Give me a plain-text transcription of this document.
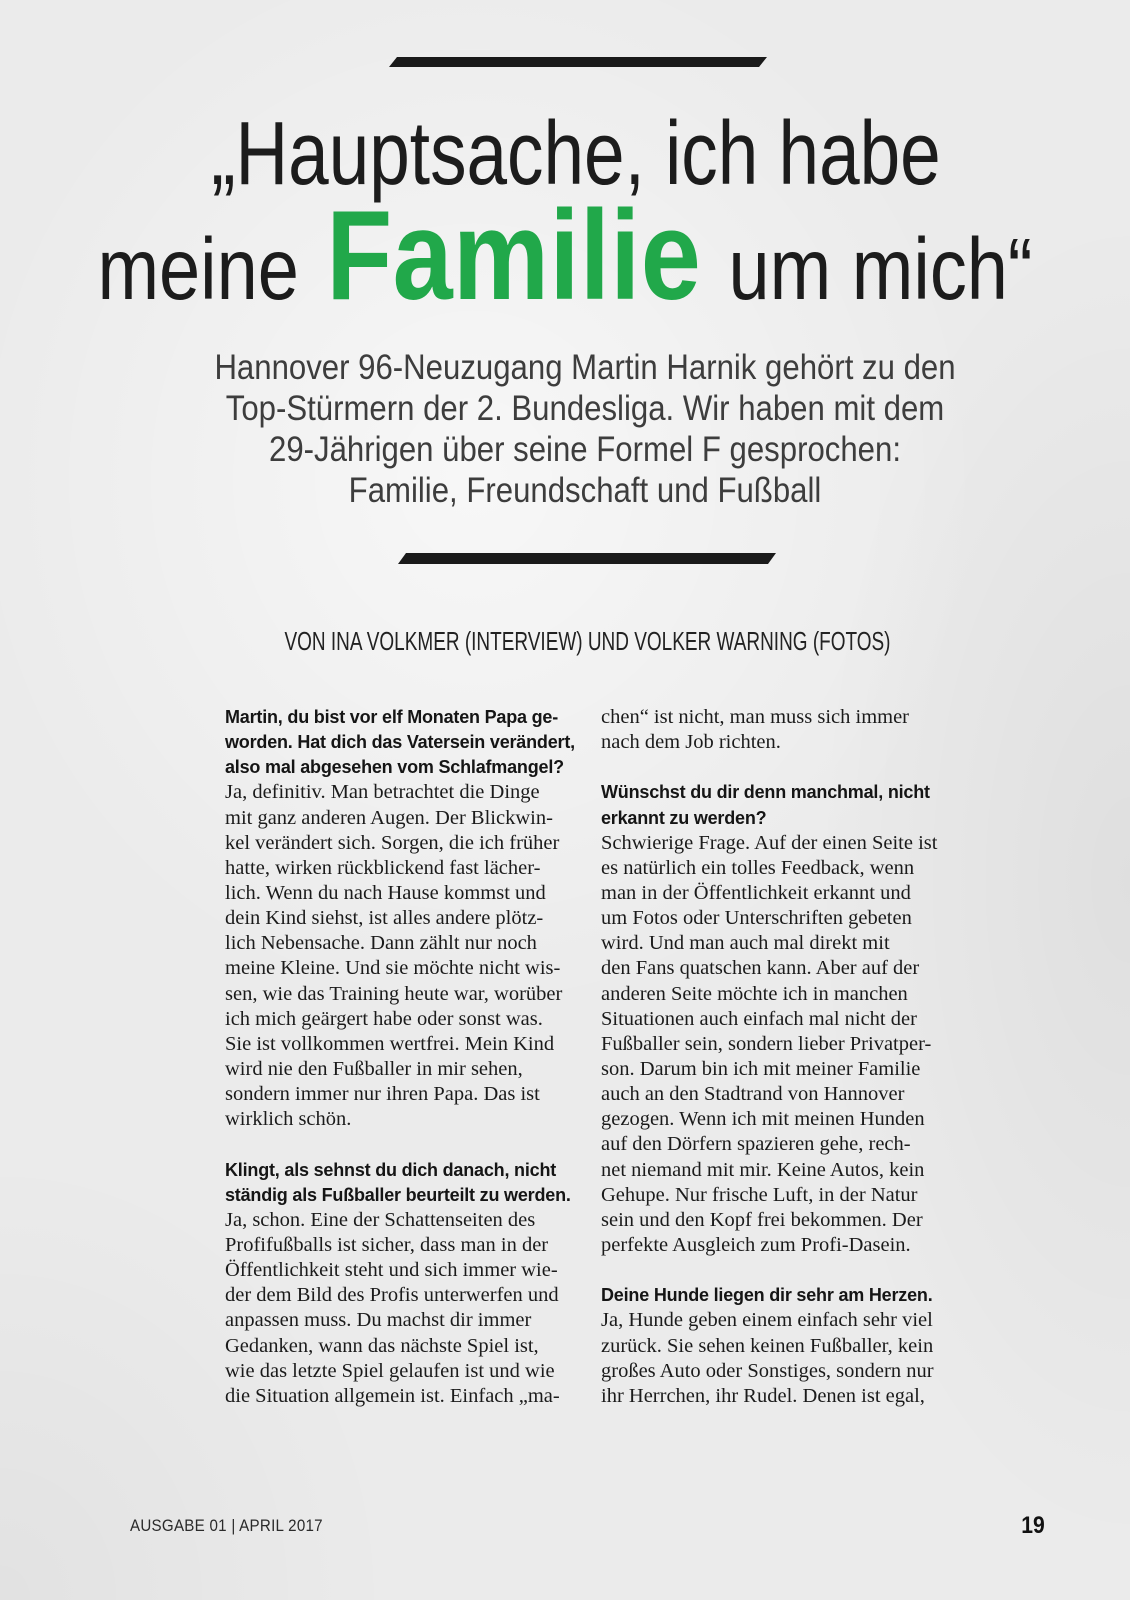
„Hauptsache, ich habe
meine Familie um mich“
Hannover 96-Neuzugang Martin Harnik gehört zu den
Top-Stürmern der 2. Bundesliga. Wir haben mit dem
29-Jährigen über seine Formel F gesprochen:
Familie, Freundschaft und Fußball
VON INA VOLKMER (INTERVIEW) UND VOLKER WARNING (FOTOS)
Martin, du bist vor elf Monaten Papa ge-
worden. Hat dich das Vatersein verändert,
also mal abgesehen vom Schlafmangel?
Ja, definitiv. Man betrachtet die Dinge
mit ganz anderen Augen. Der Blickwin-
kel verändert sich. Sorgen, die ich früher
hatte, wirken rückblickend fast lächer-
lich. Wenn du nach Hause kommst und
dein Kind siehst, ist alles andere plötz-
lich Nebensache. Dann zählt nur noch
meine Kleine. Und sie möchte nicht wis-
sen, wie das Training heute war, worüber
ich mich geärgert habe oder sonst was.
Sie ist vollkommen wertfrei. Mein Kind
wird nie den Fußballer in mir sehen,
sondern immer nur ihren Papa. Das ist
wirklich schön.
Klingt, als sehnst du dich danach, nicht
ständig als Fußballer beurteilt zu werden.
Ja, schon. Eine der Schattenseiten des
Profifußballs ist sicher, dass man in der
Öffentlichkeit steht und sich immer wie-
der dem Bild des Profis unterwerfen und
anpassen muss. Du machst dir immer
Gedanken, wann das nächste Spiel ist,
wie das letzte Spiel gelaufen ist und wie
die Situation allgemein ist. Einfach „ma-
chen“ ist nicht, man muss sich immer
nach dem Job richten.
Wünschst du dir denn manchmal, nicht
erkannt zu werden?
Schwierige Frage. Auf der einen Seite ist
es natürlich ein tolles Feedback, wenn
man in der Öffentlichkeit erkannt und
um Fotos oder Unterschriften gebeten
wird. Und man auch mal direkt mit
den Fans quatschen kann. Aber auf der
anderen Seite möchte ich in manchen
Situationen auch einfach mal nicht der
Fußballer sein, sondern lieber Privatper-
son. Darum bin ich mit meiner Familie
auch an den Stadtrand von Hannover
gezogen. Wenn ich mit meinen Hunden
auf den Dörfern spazieren gehe, rech-
net niemand mit mir. Keine Autos, kein
Gehupe. Nur frische Luft, in der Natur
sein und den Kopf frei bekommen. Der
perfekte Ausgleich zum Profi-Dasein.
Deine Hunde liegen dir sehr am Herzen.
Ja, Hunde geben einem einfach sehr viel
zurück. Sie sehen keinen Fußballer, kein
großes Auto oder Sonstiges, sondern nur
ihr Herrchen, ihr Rudel. Denen ist egal,
AUSGABE 01 | APRIL 2017	19
